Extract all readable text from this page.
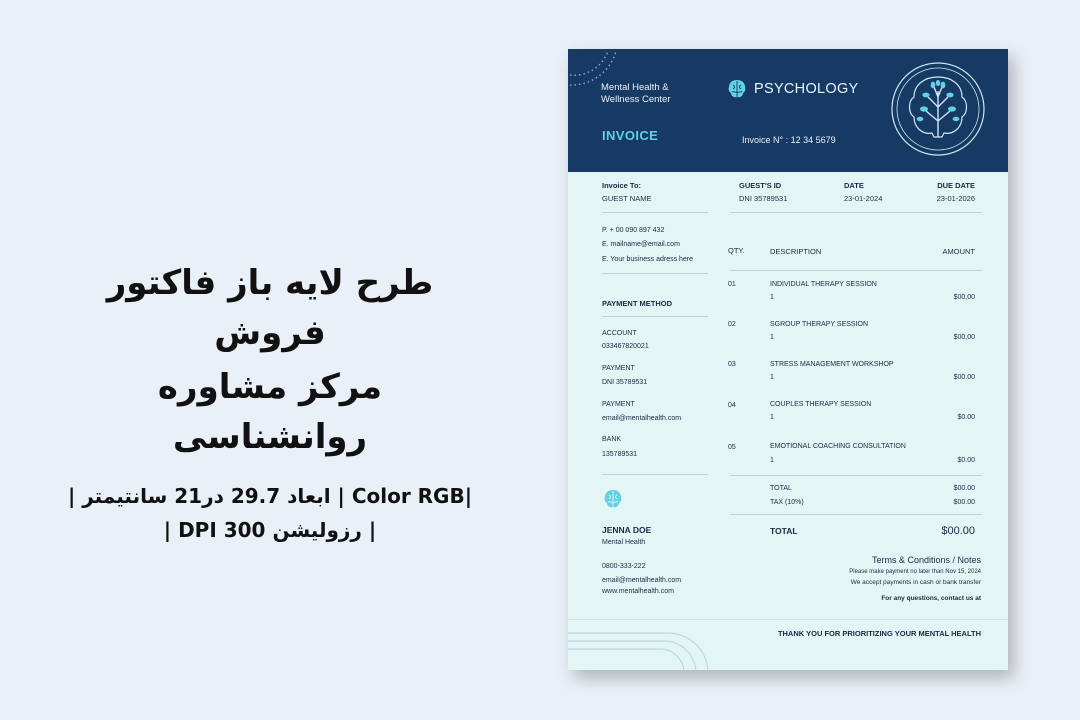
طرح لایه باز فاکتور فروش
مرکز مشاوره روانشناسی
|Color RGB | ابعاد 29.7 در21 سانتیمتر |
| رزولیشن DPI 300 |
Mental Health &
Wellness Center
PSYCHOLOGY
INVOICE	Invoice N° : 12 34 5679
Invoice To:
GUEST NAME
P. + 00 090 897 432
E. mailname@email.com
E. Your business adress here
GUEST'S ID
DNI 35789531
DATE
23-01-2024
DUE DATE
23-01-2026
PAYMENT METHOD
ACCOUNT
033467820021
PAYMENT
DNI 35789531
PAYMENT
email@mentalhealth.com
BANK
135789531
JENNA DOE
Mental Health
0800-333-222
email@mentalhealth.com
www.mentalhealth.com
QTY.	DESCRIPTION	AMOUNT
01	INDIVIDUAL THERAPY SESSION
1	$00,00
02	SGROUP THERAPY SESSION
1	$00,00
03	STRESS MANAGEMENT WORKSHOP
1	$00.00
04	COUPLES THERAPY SESSION
1	$0.00
05	EMOTIONAL COACHING CONSULTATION
1	$0.00
TOTAL	$00.00
TAX (10%)	$00.00
TOTAL	$00.00
Terms & Conditions / Notes
Please make payment no later than Nov 15, 2024
We accept payments in cash or bank transfer
For any questions, contact us at
THANK YOU FOR PRIORITIZING YOUR MENTAL HEALTH
